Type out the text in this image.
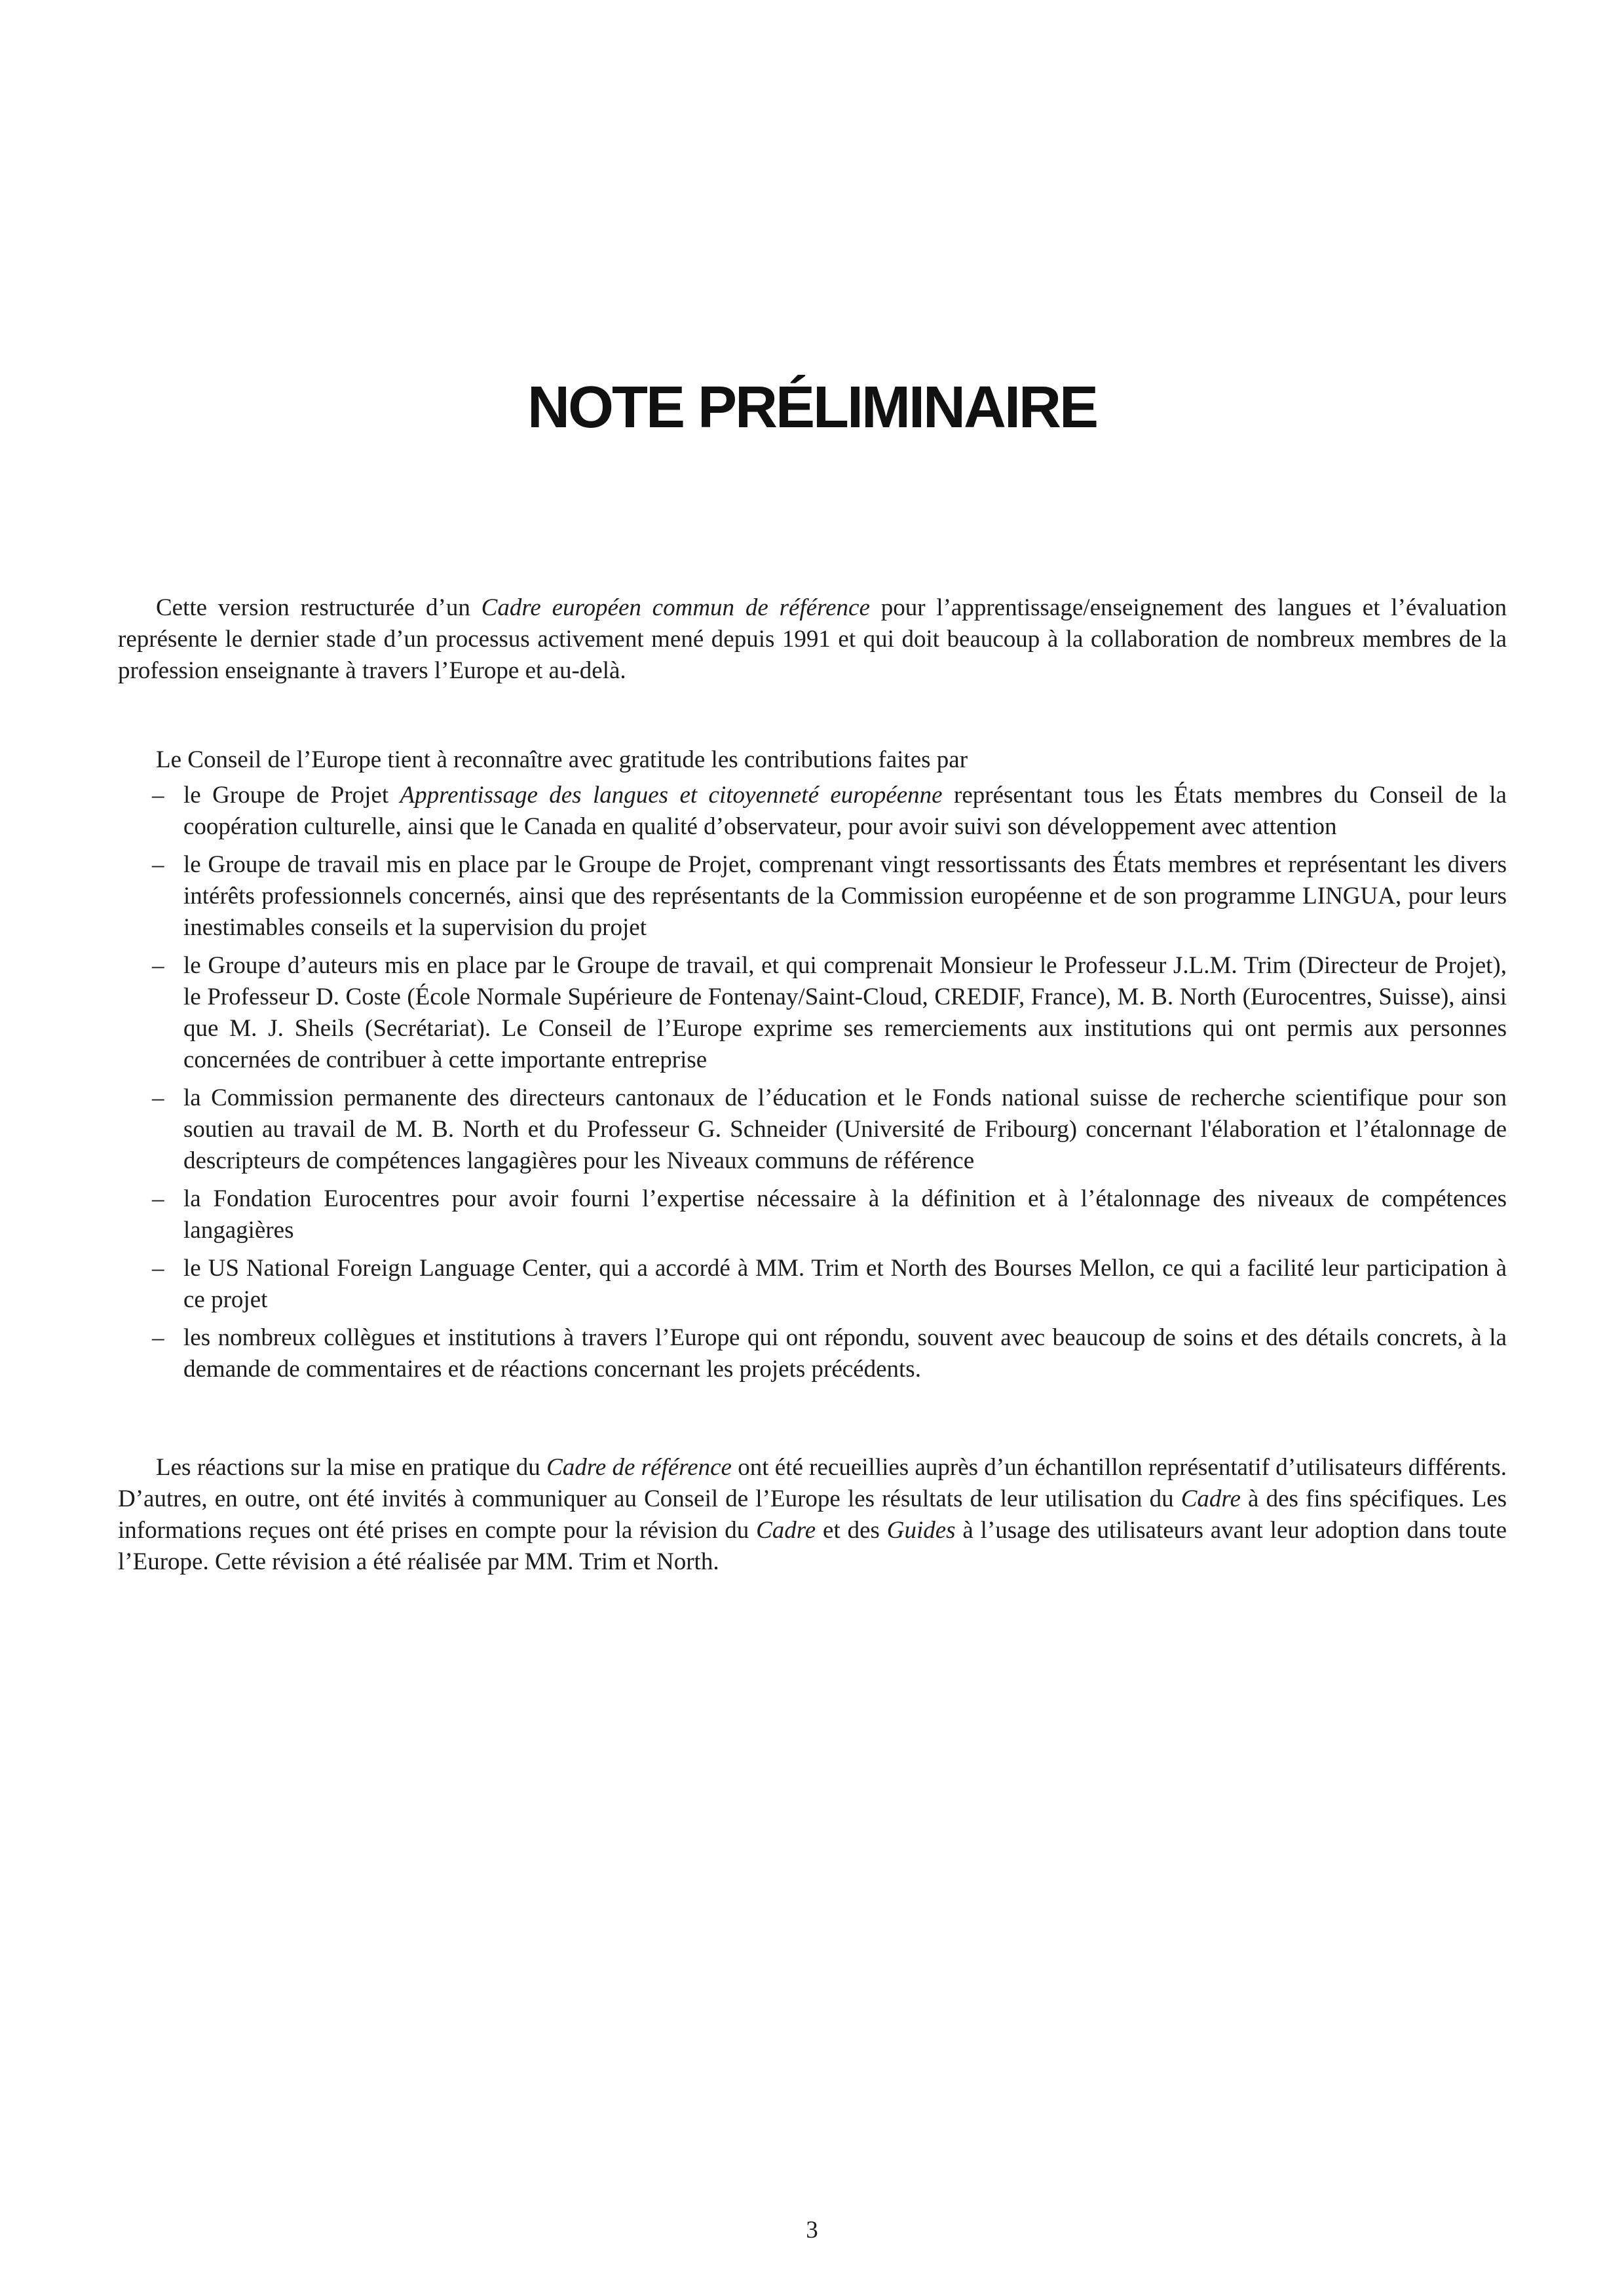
NOTE PRÉLIMINAIRE

Cette version restructurée d’un Cadre européen commun de référence pour l’apprentissage/enseignement des langues et l’évaluation représente le dernier stade d’un processus activement mené depuis 1991 et qui doit beaucoup à la collaboration de nombreux membres de la profession enseignante à travers l’Europe et au-delà.

Le Conseil de l’Europe tient à reconnaître avec gratitude les contributions faites par

– le Groupe de Projet Apprentissage des langues et citoyenneté européenne représentant tous les États membres du Conseil de la coopération culturelle, ainsi que le Canada en qualité d’observateur, pour avoir suivi son développement avec attention
– le Groupe de travail mis en place par le Groupe de Projet, comprenant vingt ressortissants des États membres et représentant les divers intérêts professionnels concernés, ainsi que des représentants de la Commission européenne et de son programme LINGUA, pour leurs inestimables conseils et la supervision du projet
– le Groupe d’auteurs mis en place par le Groupe de travail, et qui comprenait Monsieur le Professeur J.L.M. Trim (Directeur de Projet), le Professeur D. Coste (École Normale Supérieure de Fontenay/Saint-Cloud, CREDIF, France), M. B. North (Eurocentres, Suisse), ainsi que M. J. Sheils (Secrétariat). Le Conseil de l’Europe exprime ses remerciements aux institutions qui ont permis aux personnes concernées de contribuer à cette importante entreprise
– la Commission permanente des directeurs cantonaux de l’éducation et le Fonds national suisse de recherche scientifique pour son soutien au travail de M. B. North et du Professeur G. Schneider (Université de Fribourg) concernant l'élaboration et l’étalonnage de descripteurs de compétences langagières pour les Niveaux communs de référence
– la Fondation Eurocentres pour avoir fourni l’expertise nécessaire à la définition et à l’étalonnage des niveaux de compétences langagières
– le US National Foreign Language Center, qui a accordé à MM. Trim et North des Bourses Mellon, ce qui a facilité leur participation à ce projet
– les nombreux collègues et institutions à travers l’Europe qui ont répondu, souvent avec beaucoup de soins et des détails concrets, à la demande de commentaires et de réactions concernant les projets précédents.

Les réactions sur la mise en pratique du Cadre de référence ont été recueillies auprès d’un échantillon représentatif d’utilisateurs différents. D’autres, en outre, ont été invités à communiquer au Conseil de l’Europe les résultats de leur utilisation du Cadre à des fins spécifiques. Les informations reçues ont été prises en compte pour la révision du Cadre et des Guides à l’usage des utilisateurs avant leur adoption dans toute l’Europe. Cette révision a été réalisée par MM. Trim et North.

3
